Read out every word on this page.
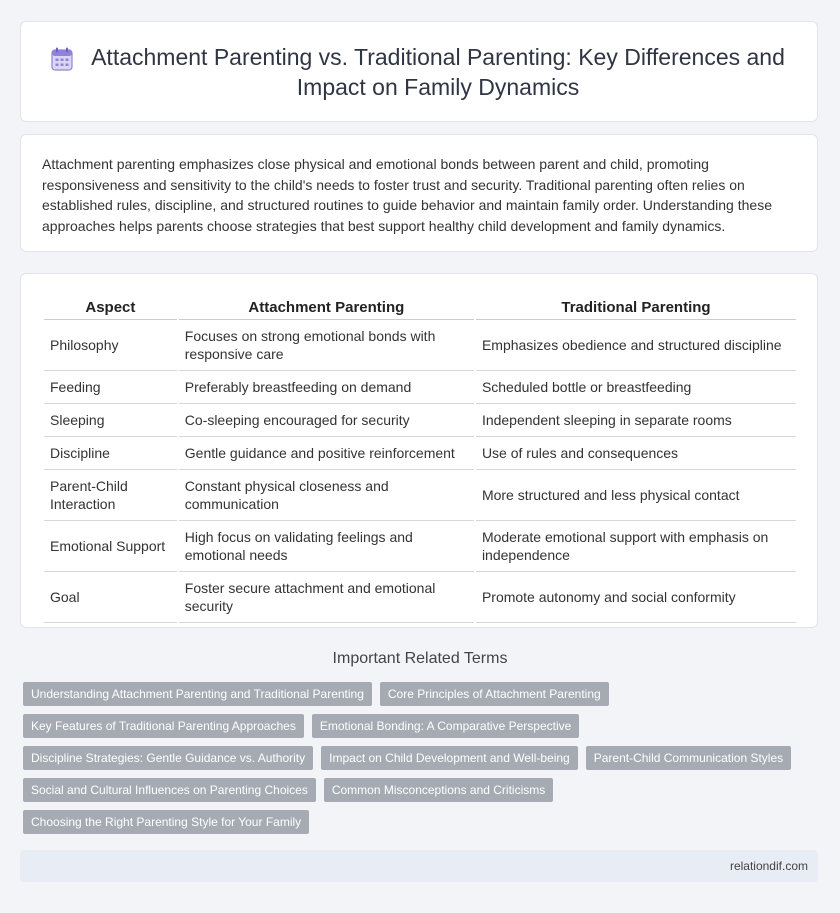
Attachment Parenting vs. Traditional Parenting: Key Differences and Impact on Family Dynamics

Attachment parenting emphasizes close physical and emotional bonds between parent and child, promoting responsiveness and sensitivity to the child's needs to foster trust and security. Traditional parenting often relies on established rules, discipline, and structured routines to guide behavior and maintain family order. Understanding these approaches helps parents choose strategies that best support healthy child development and family dynamics.

Aspect	Attachment Parenting	Traditional Parenting
Philosophy	Focuses on strong emotional bonds with responsive care	Emphasizes obedience and structured discipline
Feeding	Preferably breastfeeding on demand	Scheduled bottle or breastfeeding
Sleeping	Co-sleeping encouraged for security	Independent sleeping in separate rooms
Discipline	Gentle guidance and positive reinforcement	Use of rules and consequences
Parent-Child Interaction	Constant physical closeness and communication	More structured and less physical contact
Emotional Support	High focus on validating feelings and emotional needs	Moderate emotional support with emphasis on independence
Goal	Foster secure attachment and emotional security	Promote autonomy and social conformity
Important Related Terms
Understanding Attachment Parenting and Traditional Parenting	Core Principles of Attachment Parenting
Key Features of Traditional Parenting Approaches	Emotional Bonding: A Comparative Perspective
Discipline Strategies: Gentle Guidance vs. Authority	Impact on Child Development and Well-being	Parent-Child Communication Styles
Social and Cultural Influences on Parenting Choices	Common Misconceptions and Criticisms
Choosing the Right Parenting Style for Your Family
relationdif.com
